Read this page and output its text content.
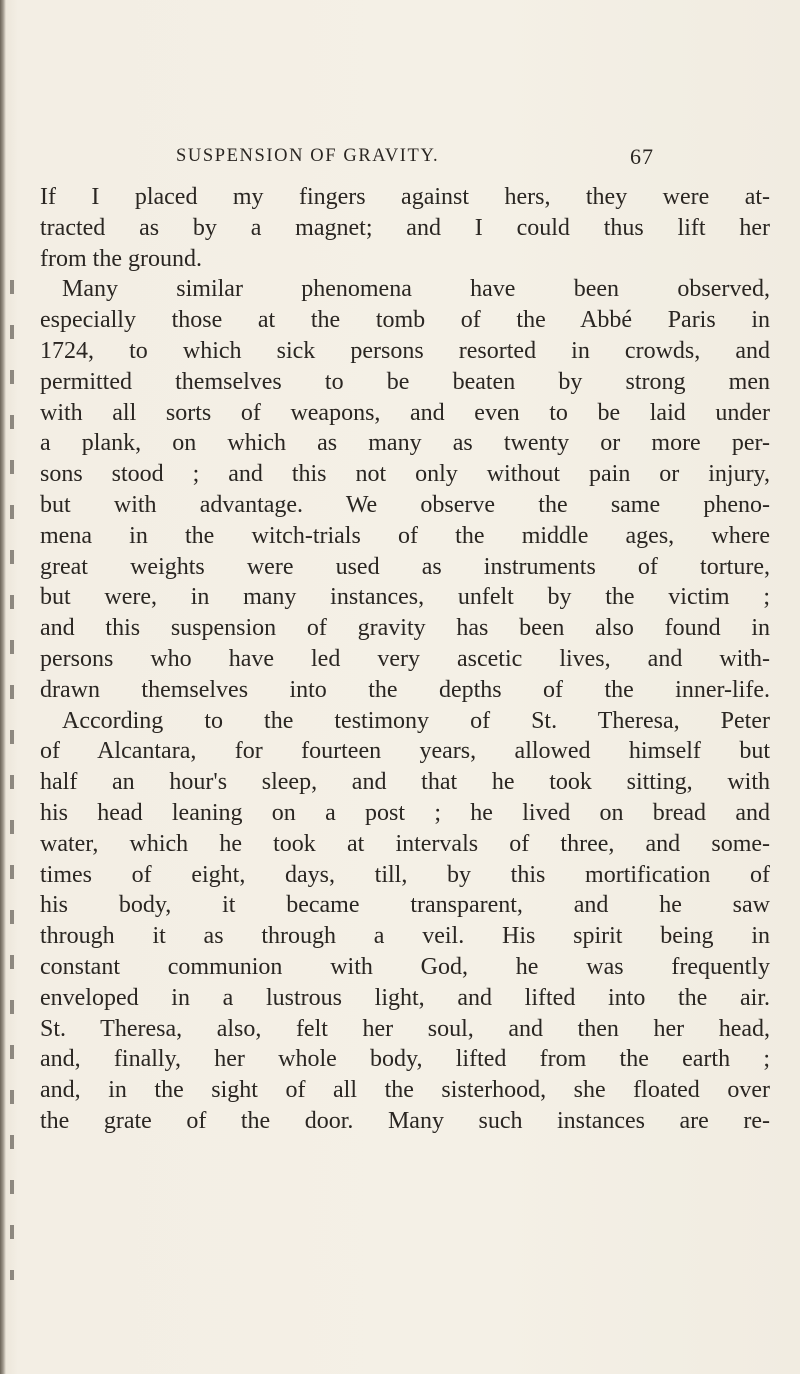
SUSPENSION OF GRAVITY.	67
If I placed my fingers against hers, they were at-
tracted as by a magnet; and I could thus lift her
from the ground.
Many similar phenomena have been observed,
especially those at the tomb of the Abbé Paris in
1724, to which sick persons resorted in crowds, and
permitted themselves to be beaten by strong men
with all sorts of weapons, and even to be laid under
a plank, on which as many as twenty or more per-
sons stood ; and this not only without pain or injury,
but with advantage. We observe the same pheno-
mena in the witch-trials of the middle ages, where
great weights were used as instruments of torture,
but were, in many instances, unfelt by the victim ;
and this suspension of gravity has been also found in
persons who have led very ascetic lives, and with-
drawn themselves into the depths of the inner-life.
According to the testimony of St. Theresa, Peter
of Alcantara, for fourteen years, allowed himself but
half an hour's sleep, and that he took sitting, with
his head leaning on a post ; he lived on bread and
water, which he took at intervals of three, and some-
times of eight, days, till, by this mortification of
his body, it became transparent, and he saw
through it as through a veil. His spirit being in
constant communion with God, he was frequently
enveloped in a lustrous light, and lifted into the air.
St. Theresa, also, felt her soul, and then her head,
and, finally, her whole body, lifted from the earth ;
and, in the sight of all the sisterhood, she floated over
the grate of the door. Many such instances are re-
